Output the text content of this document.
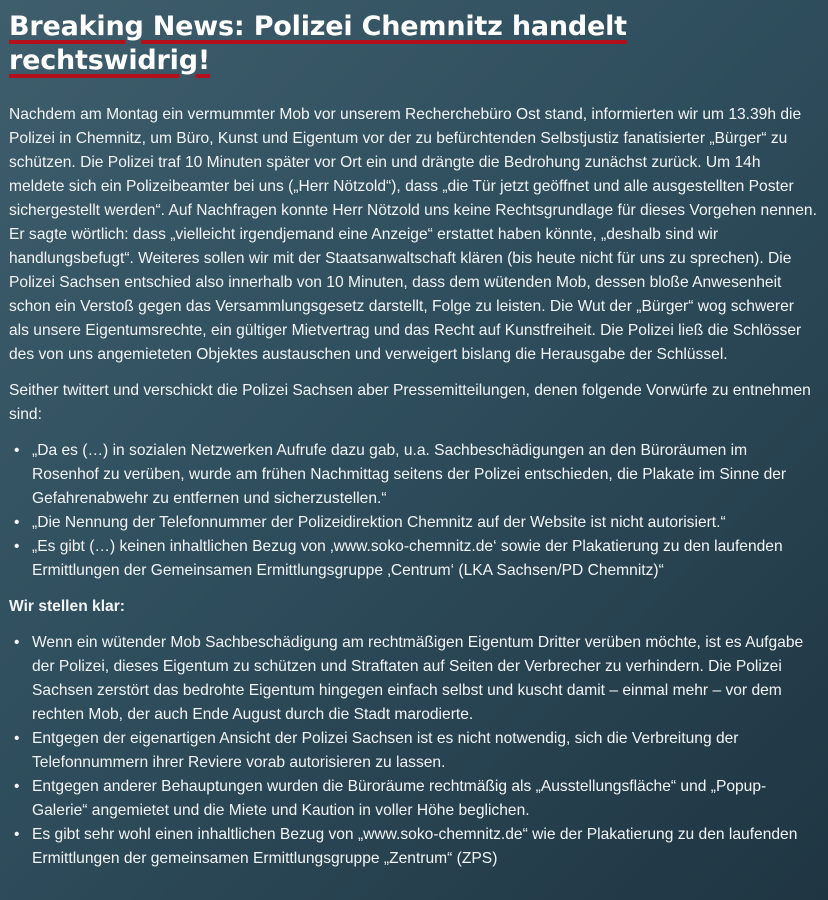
Breaking News: Polizei Chemnitz handelt rechtswidrig!

Nachdem am Montag ein vermummter Mob vor unserem Recherchebüro Ost stand, informierten wir um 13.39h die Polizei in Chemnitz, um Büro, Kunst und Eigentum vor der zu befürchtenden Selbstjustiz fanatisierter „Bürger“ zu schützen. Die Polizei traf 10 Minuten später vor Ort ein und drängte die Bedrohung zunächst zurück. Um 14h meldete sich ein Polizeibeamter bei uns („Herr Nötzold“), dass „die Tür jetzt geöffnet und alle ausgestellten Poster sichergestellt werden“. Auf Nachfragen konnte Herr Nötzold uns keine Rechtsgrundlage für dieses Vorgehen nennen. Er sagte wörtlich: dass „vielleicht irgendjemand eine Anzeige“ erstattet haben könnte, „deshalb sind wir handlungsbefugt“. Weiteres sollen wir mit der Staatsanwaltschaft klären (bis heute nicht für uns zu sprechen). Die Polizei Sachsen entschied also innerhalb von 10 Minuten, dass dem wütenden Mob, dessen bloße Anwesenheit schon ein Verstoß gegen das Versammlungsgesetz darstellt, Folge zu leisten. Die Wut der „Bürger“ wog schwerer als unsere Eigentumsrechte, ein gültiger Mietvertrag und das Recht auf Kunstfreiheit. Die Polizei ließ die Schlösser des von uns angemieteten Objektes austauschen und verweigert bislang die Herausgabe der Schlüssel.

Seither twittert und verschickt die Polizei Sachsen aber Pressemitteilungen, denen folgende Vorwürfe zu entnehmen sind:

• „Da es (…) in sozialen Netzwerken Aufrufe dazu gab, u.a. Sachbeschädigungen an den Büroräumen im Rosenhof zu verüben, wurde am frühen Nachmittag seitens der Polizei entschieden, die Plakate im Sinne der Gefahrenabwehr zu entfernen und sicherzustellen.“
• „Die Nennung der Telefonnummer der Polizeidirektion Chemnitz auf der Website ist nicht autorisiert.“
• „Es gibt (…) keinen inhaltlichen Bezug von ‚www.soko-chemnitz.de‘ sowie der Plakatierung zu den laufenden Ermittlungen der Gemeinsamen Ermittlungsgruppe ‚Centrum‘ (LKA Sachsen/PD Chemnitz)“

Wir stellen klar:

• Wenn ein wütender Mob Sachbeschädigung am rechtmäßigen Eigentum Dritter verüben möchte, ist es Aufgabe der Polizei, dieses Eigentum zu schützen und Straftaten auf Seiten der Verbrecher zu verhindern. Die Polizei Sachsen zerstört das bedrohte Eigentum hingegen einfach selbst und kuscht damit – einmal mehr – vor dem rechten Mob, der auch Ende August durch die Stadt marodierte.
• Entgegen der eigenartigen Ansicht der Polizei Sachsen ist es nicht notwendig, sich die Verbreitung der Telefonnummern ihrer Reviere vorab autorisieren zu lassen.
• Entgegen anderer Behauptungen wurden die Büroräume rechtmäßig als „Ausstellungsfläche“ und „Popup-Galerie“ angemietet und die Miete und Kaution in voller Höhe beglichen.
• Es gibt sehr wohl einen inhaltlichen Bezug von „www.soko-chemnitz.de“ wie der Plakatierung zu den laufenden Ermittlungen der gemeinsamen Ermittlungsgruppe „Zentrum“ (ZPS)
